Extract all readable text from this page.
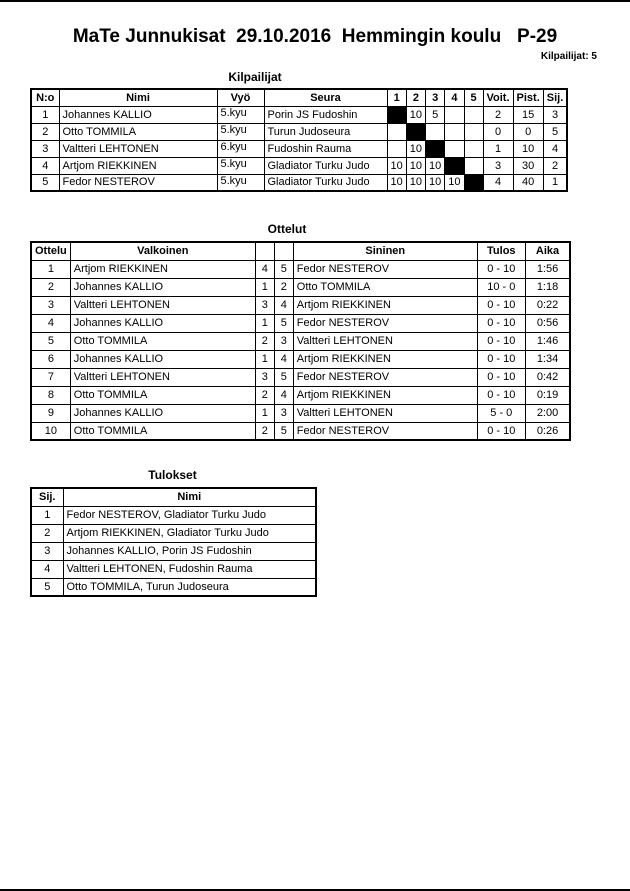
MaTe Junnukisat  29.10.2016  Hemmingin koulu   P-29
Kilpailijat: 5
Kilpailijat
N:o	Nimi	Vyö	Seura	1	2	3	4	5	Voit.	Pist.	Sij.
1	Johannes KALLIO	5.kyu	Porin JS Fudoshin		10	5			2	15	3
2	Otto TOMMILA	5.kyu	Turun Judoseura						0	0	5
3	Valtteri LEHTONEN	6.kyu	Fudoshin Rauma		10				1	10	4
4	Artjom RIEKKINEN	5.kyu	Gladiator Turku Judo	10	10	10			3	30	2
5	Fedor NESTEROV	5.kyu	Gladiator Turku Judo	10	10	10	10		4	40	1
Ottelut
Ottelu	Valkoinen			Sininen	Tulos	Aika
1	Artjom RIEKKINEN	4	5	Fedor NESTEROV	0 - 10	1:56
2	Johannes KALLIO	1	2	Otto TOMMILA	10 - 0	1:18
3	Valtteri LEHTONEN	3	4	Artjom RIEKKINEN	0 - 10	0:22
4	Johannes KALLIO	1	5	Fedor NESTEROV	0 - 10	0:56
5	Otto TOMMILA	2	3	Valtteri LEHTONEN	0 - 10	1:46
6	Johannes KALLIO	1	4	Artjom RIEKKINEN	0 - 10	1:34
7	Valtteri LEHTONEN	3	5	Fedor NESTEROV	0 - 10	0:42
8	Otto TOMMILA	2	4	Artjom RIEKKINEN	0 - 10	0:19
9	Johannes KALLIO	1	3	Valtteri LEHTONEN	5 - 0	2:00
10	Otto TOMMILA	2	5	Fedor NESTEROV	0 - 10	0:26
Tulokset
Sij.	Nimi
1	Fedor NESTEROV, Gladiator Turku Judo
2	Artjom RIEKKINEN, Gladiator Turku Judo
3	Johannes KALLIO, Porin JS Fudoshin
4	Valtteri LEHTONEN, Fudoshin Rauma
5	Otto TOMMILA, Turun Judoseura
